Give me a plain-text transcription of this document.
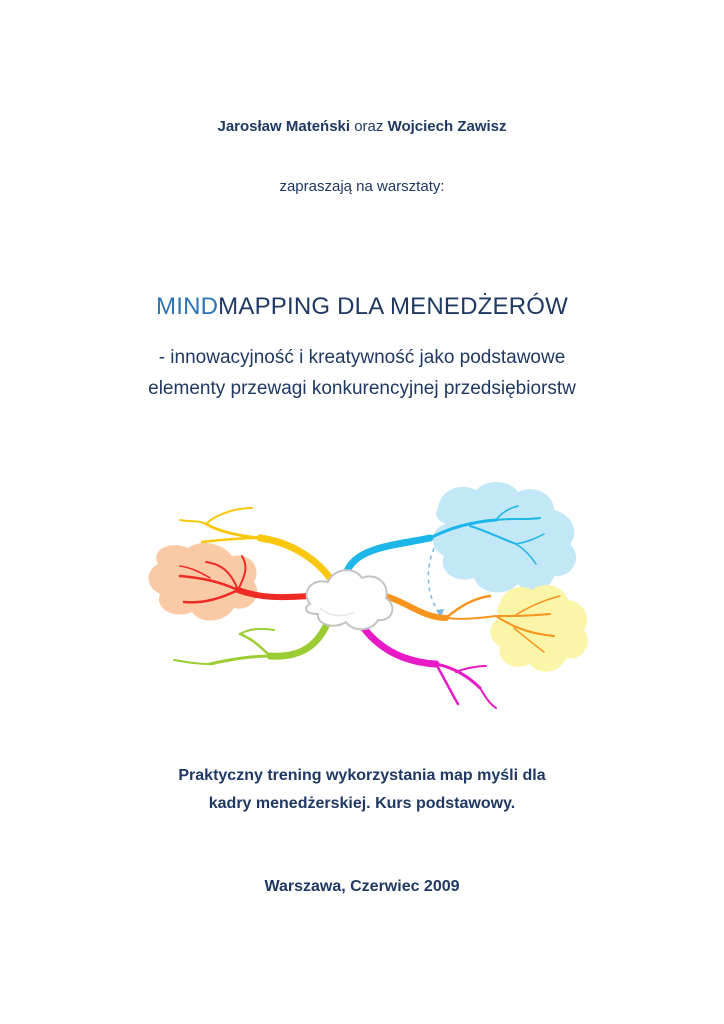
Jarosław Mateński oraz Wojciech Zawisz
zapraszają na warsztaty:
MINDMAPPING DLA MENEDŻERÓW
- innowacyjność i kreatywność jako podstawowe
elementy przewagi konkurencyjnej przedsiębiorstw
Praktyczny trening wykorzystania map myśli dla
kadry menedżerskiej. Kurs podstawowy.
Warszawa, Czerwiec 2009
